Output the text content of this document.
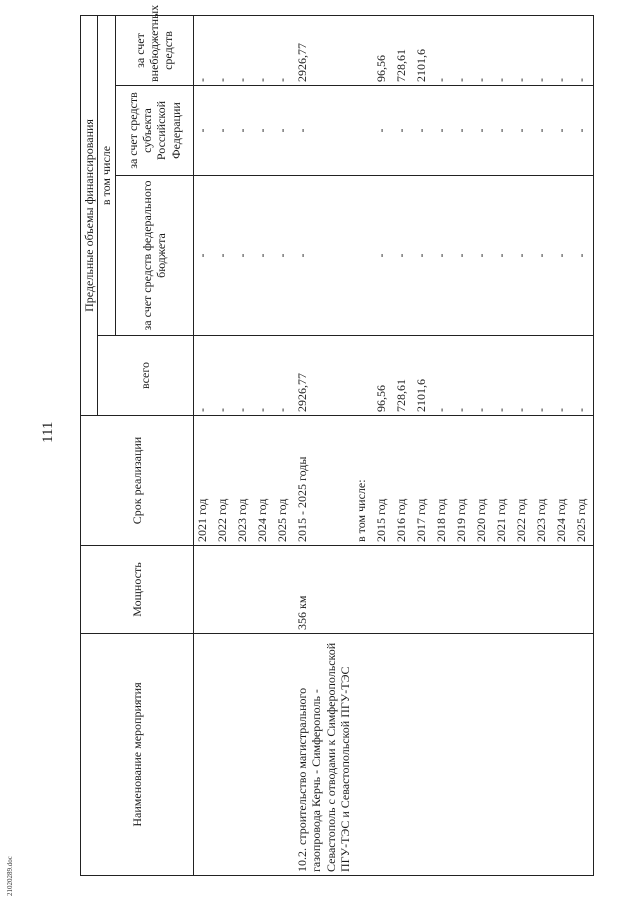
111
Наименование мероприятия	Мощность	Срок реализации	Предельные объемы финансирования			
			всего	в том числе		
				за счет средств федерального бюджета	за счет средств субъекта Российской Федерации	за счет внебюджетных средств
		2021 год	-	-	-	-
		2022 год	-	-	-	-
		2023 год	-	-	-	-
		2024 год	-	-	-	-
		2025 год	-	-	-	-
10.2. строительство магистрального газопровода Керчь - Симферополь - Севастополь с отводами к Симферопольской ПГУ-ТЭС и Севастопольской ПГУ-ТЭС	356 км	2015 - 2025 годы	2926,77	-	-	2926,77
		в том числе:				
		2015 год	96,56	-	-	96,56
		2016 год	728,61	-	-	728,61
		2017 год	2101,6	-	-	2101,6
		2018 год	-	-	-	-
		2019 год	-	-	-	-
		2020 год	-	-	-	-
		2021 год	-	-	-	-
		2022 год	-	-	-	-
		2023 год	-	-	-	-
		2024 год	-	-	-	-
		2025 год	-	-	-	-
21020289.doc
